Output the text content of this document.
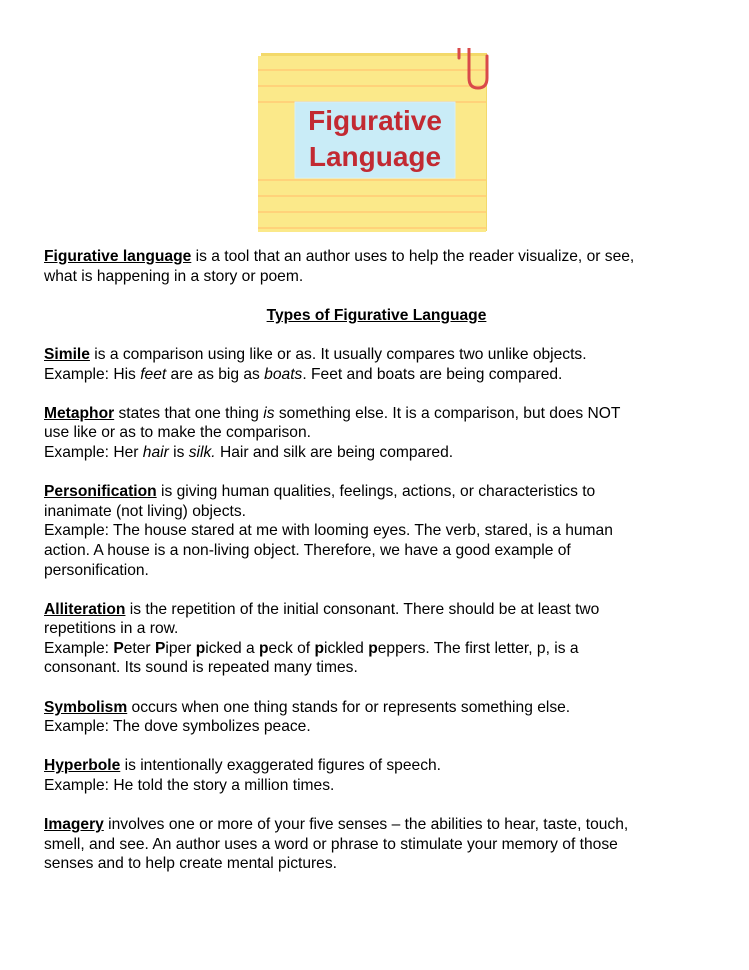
Figurative
Language

Figurative language is a tool that an author uses to help the reader visualize, or see,
what is happening in a story or poem.

Types of Figurative Language

Simile is a comparison using like or as. It usually compares two unlike objects.
Example: His feet are as big as boats. Feet and boats are being compared.

Metaphor states that one thing is something else. It is a comparison, but does NOT
use like or as to make the comparison.
Example: Her hair is silk. Hair and silk are being compared.

Personification is giving human qualities, feelings, actions, or characteristics to
inanimate (not living) objects.
Example: The house stared at me with looming eyes. The verb, stared, is a human
action. A house is a non-living object. Therefore, we have a good example of
personification.

Alliteration is the repetition of the initial consonant. There should be at least two
repetitions in a row.
Example: Peter Piper picked a peck of pickled peppers. The first letter, p, is a
consonant. Its sound is repeated many times.

Symbolism occurs when one thing stands for or represents something else.
Example: The dove symbolizes peace.

Hyperbole is intentionally exaggerated figures of speech.
Example: He told the story a million times.

Imagery involves one or more of your five senses – the abilities to hear, taste, touch,
smell, and see. An author uses a word or phrase to stimulate your memory of those
senses and to help create mental pictures.
